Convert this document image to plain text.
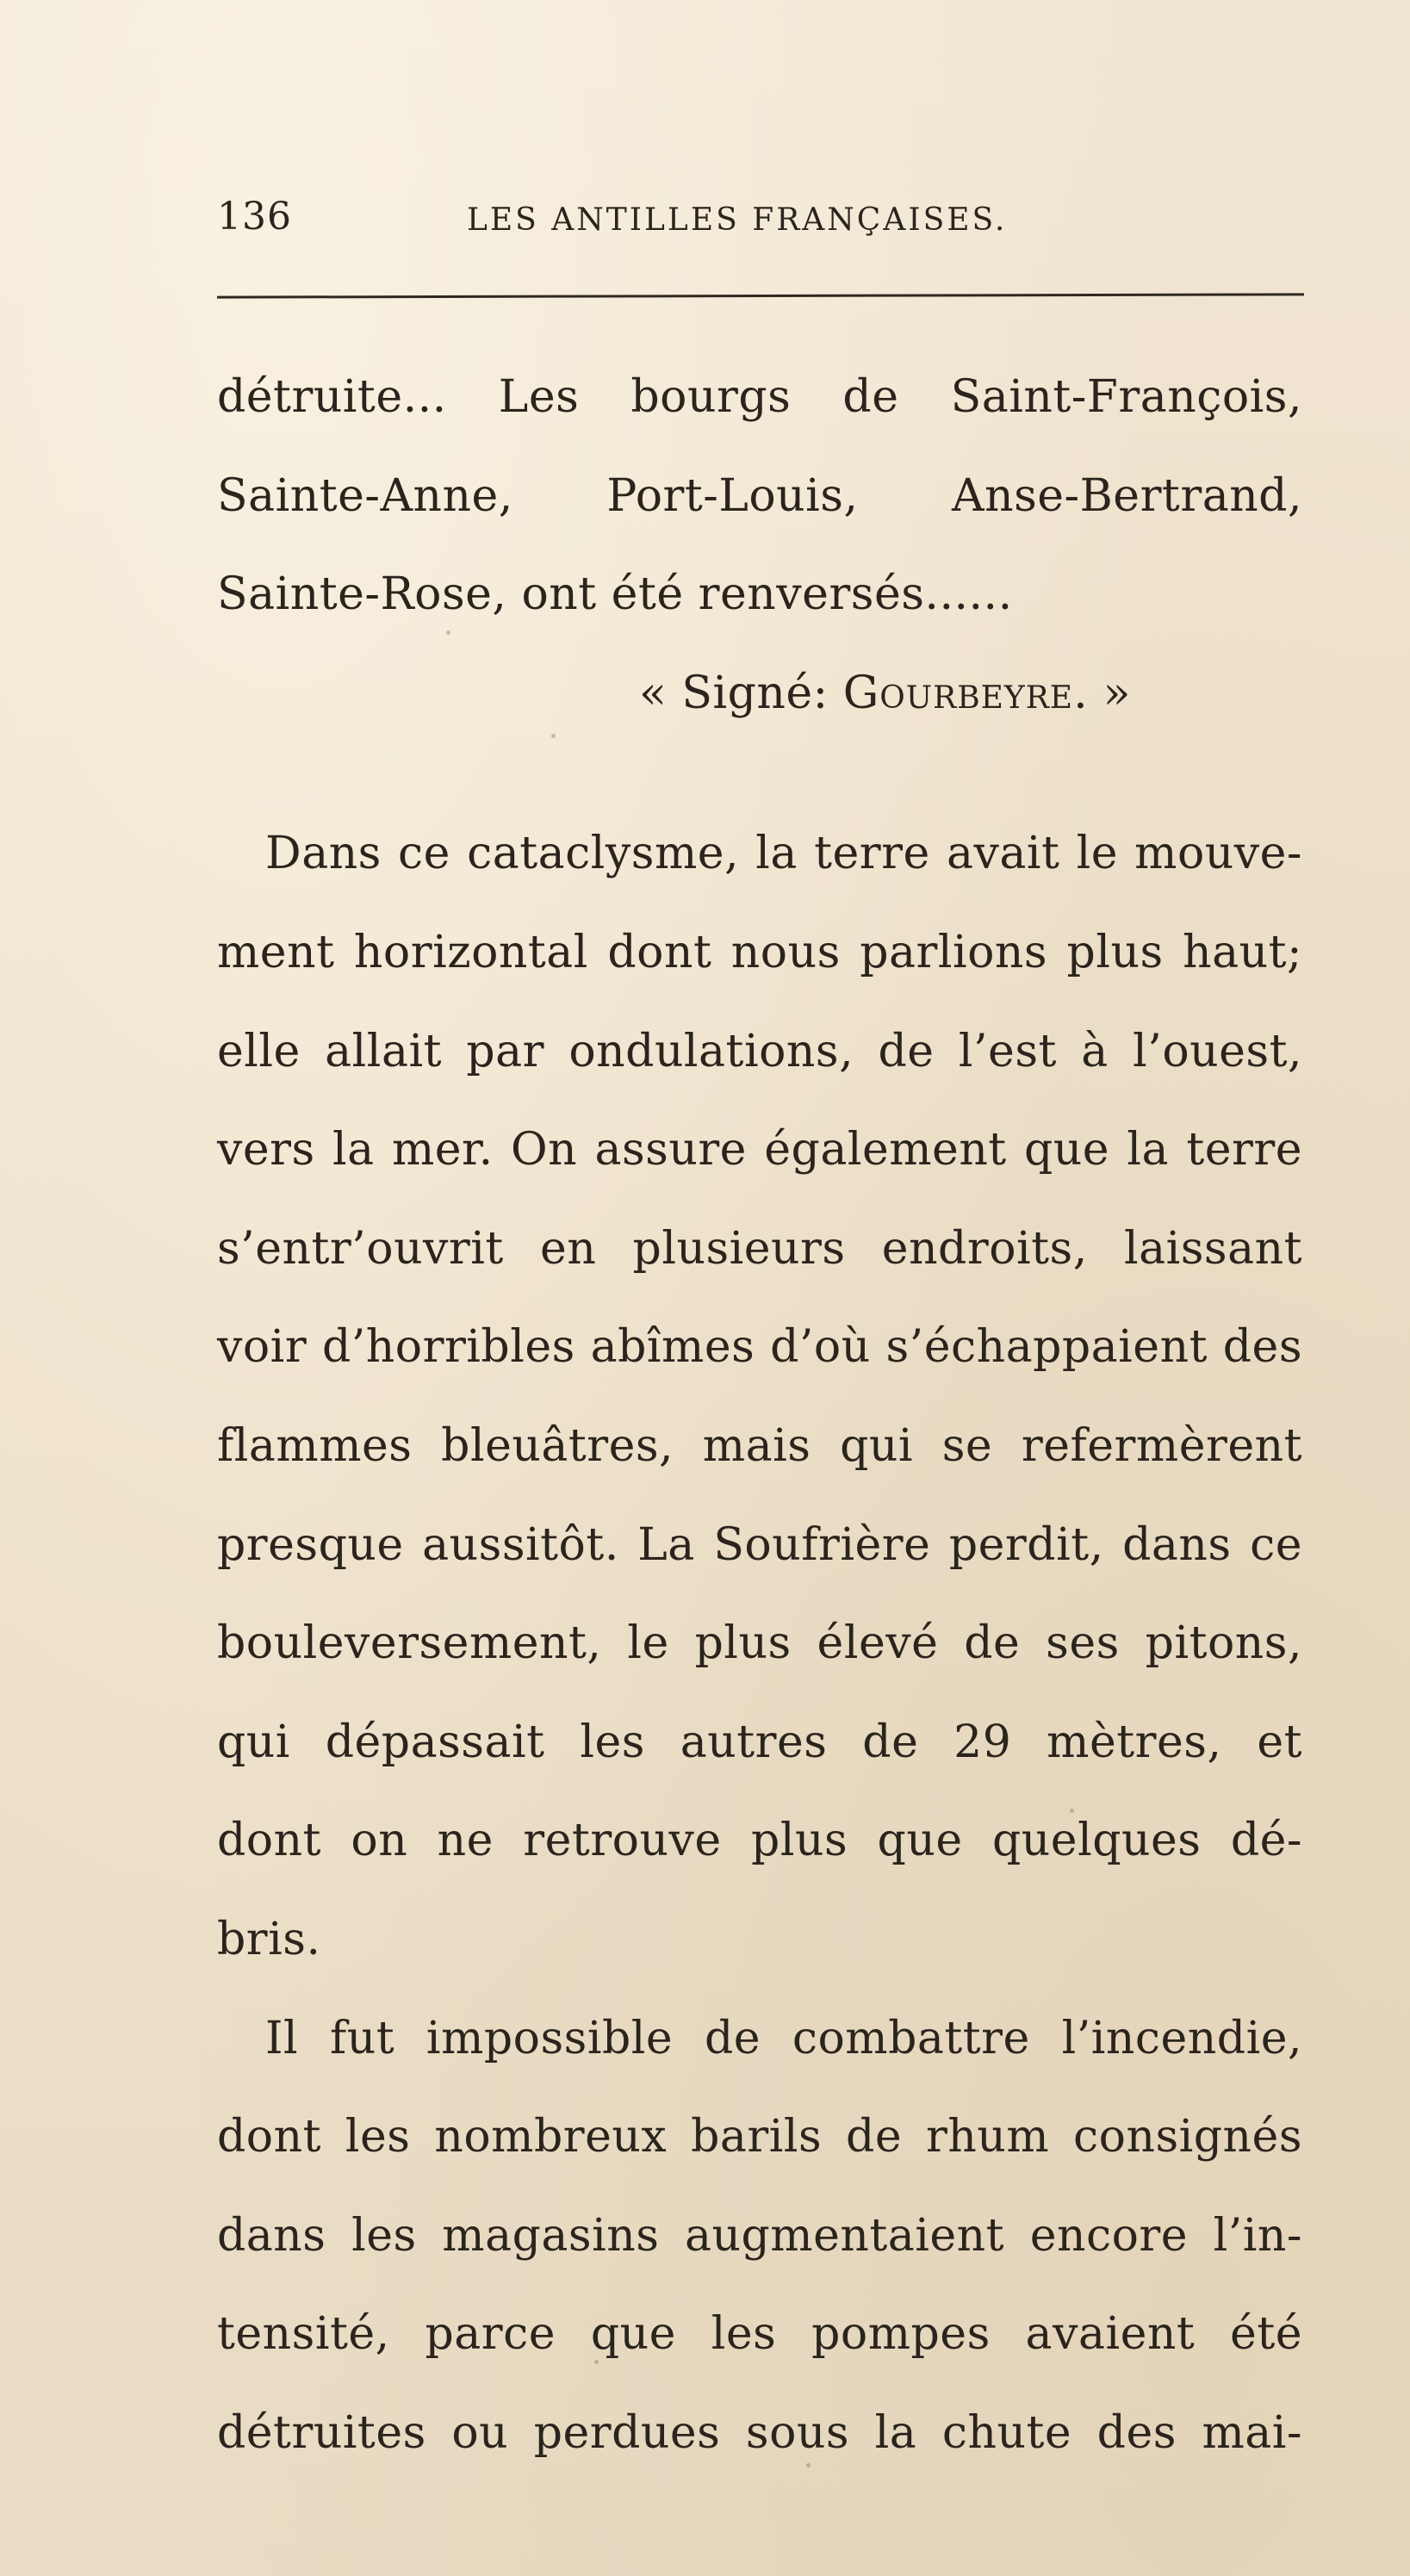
136	LES ANTILLES FRANÇAISES.
détruite... Les bourgs de Saint-François,
Sainte-Anne, Port-Louis, Anse-Bertrand,
Sainte-Rose, ont été renversés......
« Signé: Gourbeyre. »
Dans ce cataclysme, la terre avait le mouve-
ment horizontal dont nous parlions plus haut;
elle allait par ondulations, de l’est à l’ouest,
vers la mer. On assure également que la terre
s’entr’ouvrit en plusieurs endroits, laissant
voir d’horribles abîmes d’où s’échappaient des
flammes bleuâtres, mais qui se refermèrent
presque aussitôt. La Soufrière perdit, dans ce
bouleversement, le plus élevé de ses pitons,
qui dépassait les autres de 29 mètres, et
dont on ne retrouve plus que quelques dé-
bris.
Il fut impossible de combattre l’incendie,
dont les nombreux barils de rhum consignés
dans les magasins augmentaient encore l’in-
tensité, parce que les pompes avaient été
détruites ou perdues sous la chute des mai-
